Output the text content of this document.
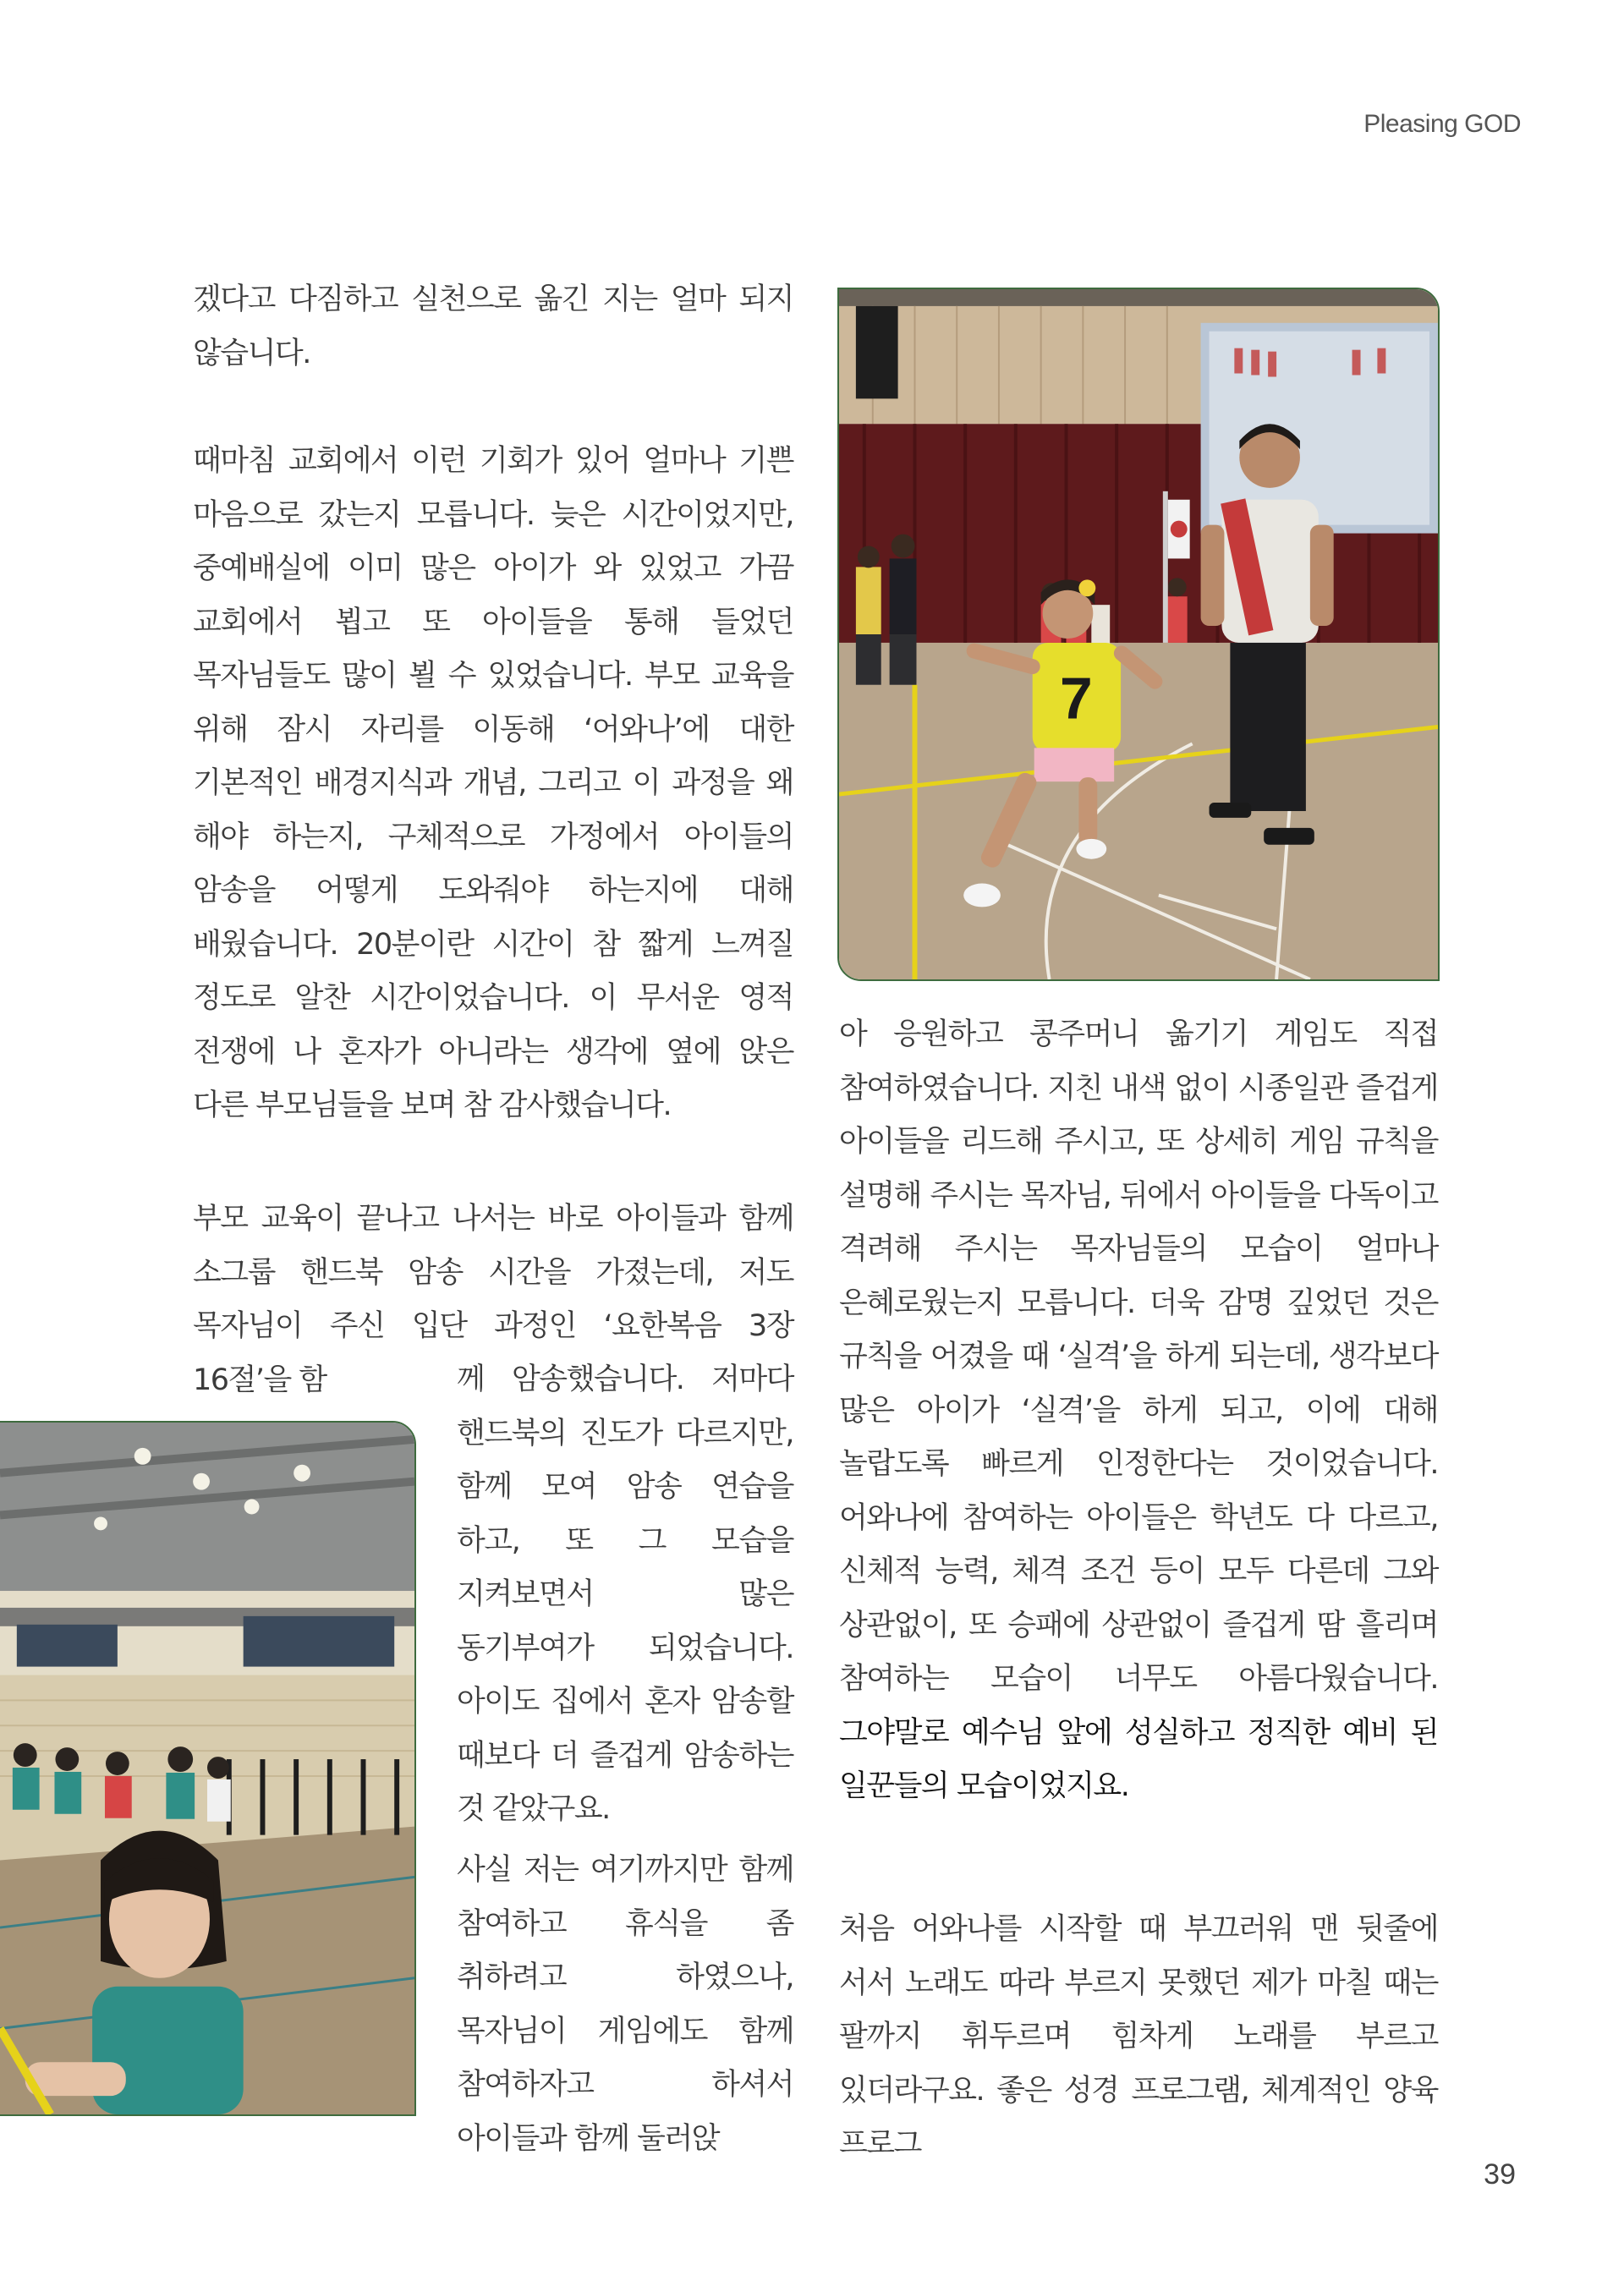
Pleasing GOD

겠다고 다짐하고 실천으로 옮긴 지는 얼마 되지 않습니다.

때마침 교회에서 이런 기회가 있어 얼마나 기쁜 마음으로 갔는지 모릅니다. 늦은 시간이었지만, 중예배실에 이미 많은 아이가 와 있었고 가끔 교회에서 뵙고 또 아이들을 통해 들었던 목자님들도 많이 뵐 수 있었습니다. 부모 교육을 위해 잠시 자리를 이동해 ‘어와나’에 대한 기본적인 배경지식과 개념, 그리고 이 과정을 왜 해야 하는지, 구체적으로 가정에서 아이들의 암송을 어떻게 도와줘야 하는지에 대해 배웠습니다. 20분이란 시간이 참 짧게 느껴질 정도로 알찬 시간이었습니다. 이 무서운 영적 전쟁에 나 혼자가 아니라는 생각에 옆에 앉은 다른 부모님들을 보며 참 감사했습니다.

부모 교육이 끝나고 나서는 바로 아이들과 함께 소그룹 핸드북 암송 시간을 가졌는데, 저도 목자님이 주신 입단 과정인 ‘요한복음 3장 16절’을 함	께 암송했습니다. 저마다 핸드북의 진도가 다르지만, 함께 모여 암송 연습을 하고, 또 그 모습을 지켜보면서 많은 동기부여가 되었습니다. 아이도 집에서 혼자 암송할 때보다 더 즐겁게 암송하는 것 같았구요.

사실 저는 여기까지만 함께 참여하고 휴식을 좀 취하려고 하였으나, 목자님이 게임에도 함께 참여하자고 하셔서 아이들과 함께 둘러앉

아 응원하고 콩주머니 옮기기 게임도 직접 참여하였습니다. 지친 내색 없이 시종일관 즐겁게 아이들을 리드해 주시고, 또 상세히 게임 규칙을 설명해 주시는 목자님, 뒤에서 아이들을 다독이고 격려해 주시는 목자님들의 모습이 얼마나 은혜로웠는지 모릅니다. 더욱 감명 깊었던 것은 규칙을 어겼을 때 ‘실격’을 하게 되는데, 생각보다 많은 아이가 ‘실격’을 하게 되고, 이에 대해 놀랍도록 빠르게 인정한다는 것이었습니다. 어와나에 참여하는 아이들은 학년도 다 다르고, 신체적 능력, 체격 조건 등이 모두 다른데 그와 상관없이, 또 승패에 상관없이 즐겁게 땀 흘리며 참여하는 모습이 너무도 아름다웠습니다. 그야말로 예수님 앞에 성실하고 정직한 예비 된 일꾼들의 모습이었지요.

처음 어와나를 시작할 때 부끄러워 맨 뒷줄에 서서 노래도 따라 부르지 못했던 제가 마칠 때는 팔까지 휘두르며 힘차게 노래를 부르고 있더라구요. 좋은 성경 프로그램, 체계적인 양육 프로그

7
39
